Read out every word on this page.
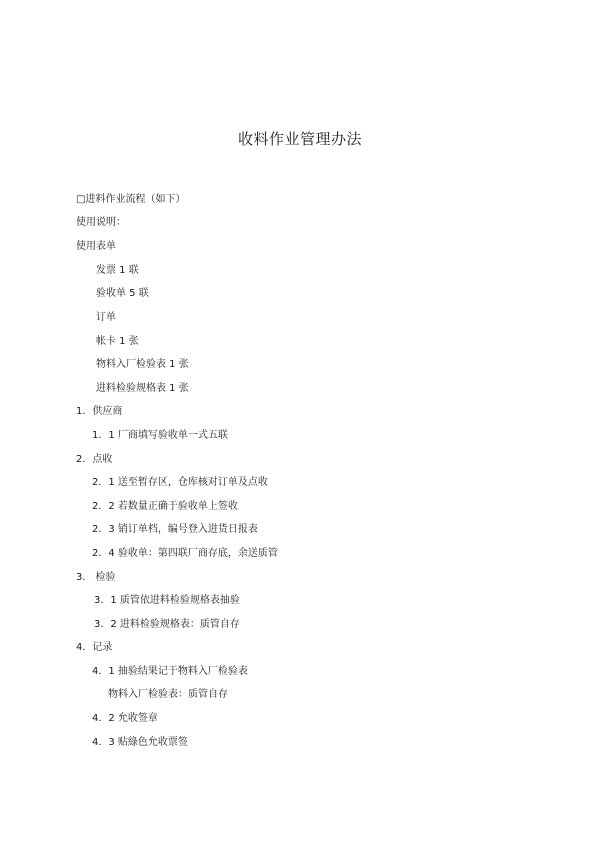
收料作业管理办法
□进料作业流程（如下）
使用说明：
使用表单
发票 1 联
验收单 5 联
订单
帐卡 1 张
物料入厂检验表 1 张
进料检验规格表 1 张
1．供应商
1．1 厂商填写验收单一式五联
2．点收
2．1 送至暂存区，仓库核对订单及点收
2．2 若数量正确于验收单上签收
2．3 销订单档，编号登入进货日报表
2．4 验收单：第四联厂商存底，余送质管
3． 检验
3．1 质管依进料检验规格表抽验
3．2 进料检验规格表：质管自存
4．记录
4．1 抽验结果记于物料入厂检验表
物料入厂检验表：质管自存
4．2 允收签章
4．3 贴綠色允收票签
